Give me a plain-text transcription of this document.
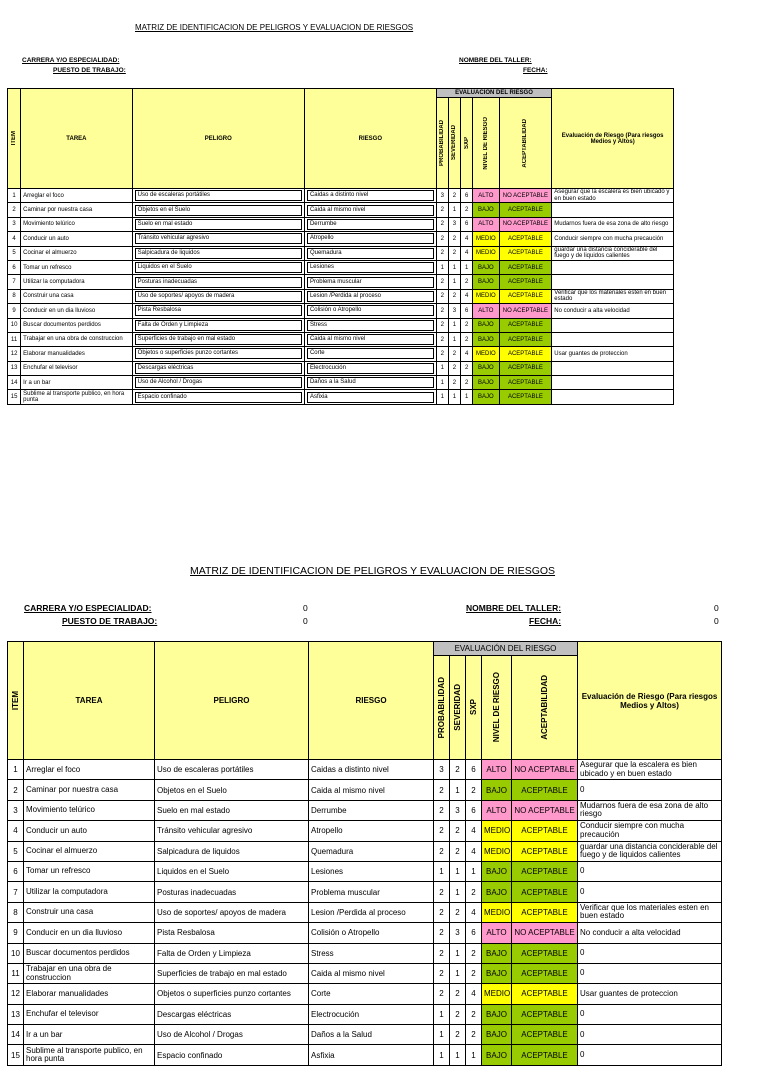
MATRIZ DE IDENTIFICACION DE PELIGROS Y EVALUACION DE RIESGOS
CARRERA Y/O ESPECIALIDAD:
PUESTO DE TRABAJO:
NOMBRE DEL TALLER:
FECHA:
ITEM	TAREA	PELIGRO	RIESGO	EVALUACIÓN DEL RIESGO					Evaluación de Riesgo (Para riesgos Medios y Altos)

				PROBABILIDAD	SEVERIDAD	SXP	NIVEL DE RIESGO	ACEPTABILIDAD	

1	Arreglar el foco	Uso de escaleras portátiles	Caidas a distinto nivel	3	2	6	ALTO	NO ACEPTABLE	Asegurar que la escalera es bien ubicado y en buen estado
2	Caminar por nuestra casa	Objetos en el Suelo	Caida al mismo nivel	2	1	2	BAJO	ACEPTABLE	
3	Movimiento telúrico	Suelo en mal estado	Derrumbe	2	3	6	ALTO	NO ACEPTABLE	Mudarnos fuera de esa zona de alto riesgo
4	Conducir un auto	Tránsito vehicular agresivo	Atropello	2	2	4	MEDIO	ACEPTABLE	Conducir siempre con mucha precaución
5	Cocinar el almuerzo	Salpicadura de liquidos	Quemadura	2	2	4	MEDIO	ACEPTABLE	guardar una distancia conciderable del fuego y de liquidos calientes
6	Tomar un refresco	Liquidos en el Suelo	Lesiones	1	1	1	BAJO	ACEPTABLE	
7	Utilizar la computadora	Posturas inadecuadas	Problema muscular	2	1	2	BAJO	ACEPTABLE	
8	Construir una casa	Uso de soportes/ apoyos de madera	Lesion /Perdida al proceso	2	2	4	MEDIO	ACEPTABLE	Verificar que los materiales esten en buen estado
9	Conducir en un dia lluvioso	Pista Resbalosa	Colisión o Atropello	2	3	6	ALTO	NO ACEPTABLE	No conducir a alta velocidad
10	Buscar documentos perdidos	Falta de Orden y Limpieza	Stress	2	1	2	BAJO	ACEPTABLE	
11	Trabajar en una obra de construccion	Superficies de trabajo en mal estado	Caida al mismo nivel	2	1	2	BAJO	ACEPTABLE	
12	Elaborar manualidades	Objetos o superficies punzo cortantes	Corte	2	2	4	MEDIO	ACEPTABLE	Usar guantes de proteccion
13	Enchufar el televisor	Descargas eléctricas	Electrocución	1	2	2	BAJO	ACEPTABLE	
14	Ir a un bar	Uso de Alcohol / Drogas	Daños a la Salud	1	2	2	BAJO	ACEPTABLE	
15	Sublime al transporte publico, en hora punta	Espacio confinado	Asfixia	1	1	1	BAJO	ACEPTABLE	
MATRIZ DE IDENTIFICACION DE PELIGROS Y EVALUACION DE RIESGOS
CARRERA Y/O ESPECIALIDAD:
PUESTO DE TRABAJO:
0
0
NOMBRE DEL TALLER:
FECHA:
0
0
ITEM	TAREA	PELIGRO	RIESGO	EVALUACIÓN DEL RIESGO					Evaluación de Riesgo (Para riesgos Medios y Altos)

				PROBABILIDAD	SEVERIDAD	SXP	NIVEL DE RIESGO	ACEPTABILIDAD	

1	Arreglar el foco	Uso de escaleras portátiles	Caidas a distinto nivel	3	2	6	ALTO	NO ACEPTABLE	Asegurar que la escalera es bien ubicado y en buen estado
2	Caminar por nuestra casa	Objetos en el Suelo	Caida al mismo nivel	2	1	2	BAJO	ACEPTABLE	0
3	Movimiento telúrico	Suelo en mal estado	Derrumbe	2	3	6	ALTO	NO ACEPTABLE	Mudarnos fuera de esa zona de alto riesgo
4	Conducir un auto	Tránsito vehicular agresivo	Atropello	2	2	4	MEDIO	ACEPTABLE	Conducir siempre con mucha precaución
5	Cocinar el almuerzo	Salpicadura de liquidos	Quemadura	2	2	4	MEDIO	ACEPTABLE	guardar una distancia conciderable del fuego y de liquidos calientes
6	Tomar un refresco	Liquidos en el Suelo	Lesiones	1	1	1	BAJO	ACEPTABLE	0
7	Utilizar la computadora	Posturas inadecuadas	Problema muscular	2	1	2	BAJO	ACEPTABLE	0
8	Construir una casa	Uso de soportes/ apoyos de madera	Lesion /Perdida al proceso	2	2	4	MEDIO	ACEPTABLE	Verificar que los materiales esten en buen estado
9	Conducir en un dia lluvioso	Pista Resbalosa	Colisión o Atropello	2	3	6	ALTO	NO ACEPTABLE	No conducir a alta velocidad
10	Buscar documentos perdidos	Falta de Orden y Limpieza	Stress	2	1	2	BAJO	ACEPTABLE	0
11	Trabajar en una obra de construccion	Superficies de trabajo en mal estado	Caida al mismo nivel	2	1	2	BAJO	ACEPTABLE	0
12	Elaborar manualidades	Objetos o superficies punzo cortantes	Corte	2	2	4	MEDIO	ACEPTABLE	Usar guantes de proteccion
13	Enchufar el televisor	Descargas eléctricas	Electrocución	1	2	2	BAJO	ACEPTABLE	0
14	Ir a un bar	Uso de Alcohol / Drogas	Daños a la Salud	1	2	2	BAJO	ACEPTABLE	0
15	Sublime al transporte publico, en hora punta	Espacio confinado	Asfixia	1	1	1	BAJO	ACEPTABLE	0
